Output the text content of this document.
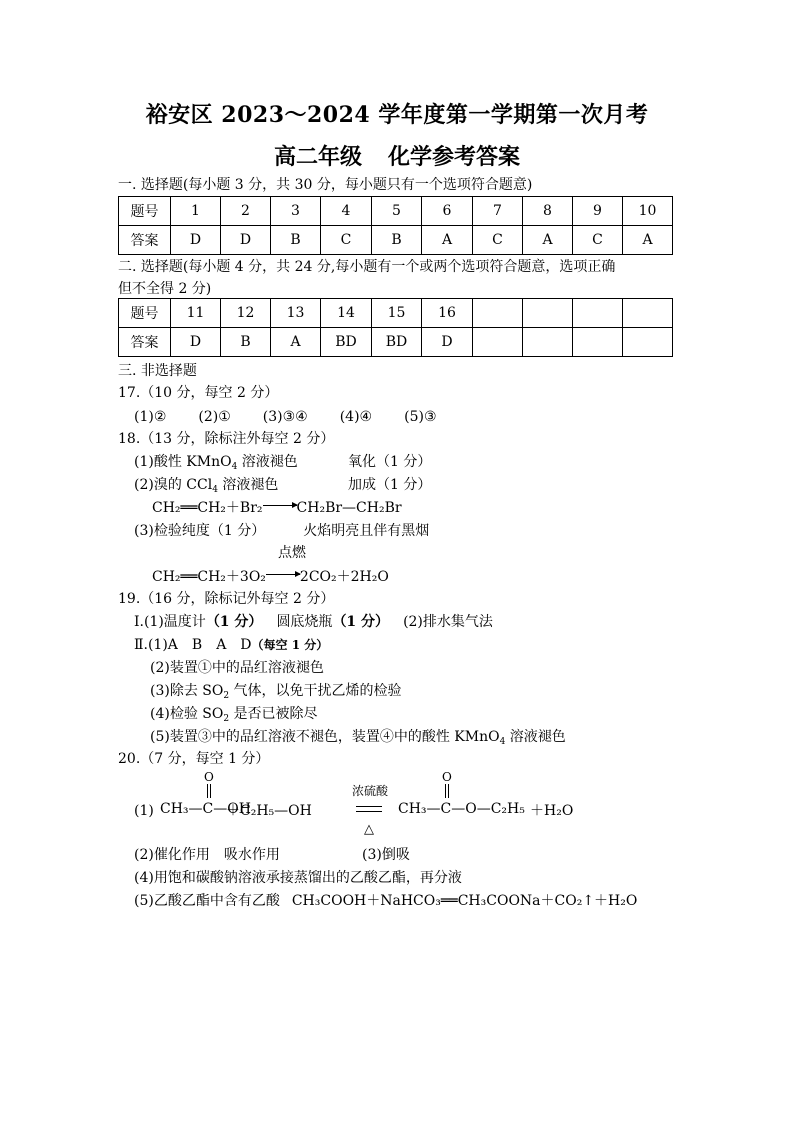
裕安区 2023～2024 学年度第一学期第一次月考
高二年级 化学参考答案
一. 选择题(每小题 3 分，共 30 分，每小题只有一个选项符合题意)
题号	1	2	3	4	5	6	7	8	9	10
答案	D	D	B	C	B	A	C	A	C	A
二. 选择题(每小题 4 分，共 24 分,每小题有一个或两个选项符合题意，选项正确
但不全得 2 分)
题号	11	12	13	14	15	16				
答案	D	B	A	BD	BD	D				
三. 非选择题
17.（10 分，每空 2 分）
(1)② (2)① (3)③④ (4)④ (5)③
18.（13 分，除标注外每空 2 分）
(1)酸性 KMnO$_4$ 溶液褪色	氧化（1 分）
(2)溴的 CCl$_4$ 溶液褪色	加成（1 分）
CH₂══CH₂＋Br₂→CH₂Br—CH₂Br
(3)检验纯度（1 分）	火焰明亮且伴有黑烟
点燃
CH₂══CH₂＋3O₂→2CO₂＋2H₂O
19.（16 分，除标记外每空 2 分）
Ⅰ.(1)温度计（1 分） 圆底烧瓶（1 分） (2)排水集气法
Ⅱ.(1)A　B　A　D（每空 1 分）
(2)装置①中的品红溶液褪色
(3)除去 $SO_2$ 气体，以免干扰乙烯的检验
(4)检验 $SO_2$ 是否已被除尽
(5)装置③中的品红溶液不褪色，装置④中的酸性 KMnO$_4$ 溶液褪色
20.（7 分，每空 1 分）
O	O
浓硫酸
(1) CH₃—C—OH
＋C₂H₅—OH	CH₃—C—O—C₂H₅ ＋H₂O
△
(2)催化作用　吸水作用	(3)倒吸
(4)用饱和碳酸钠溶液承接蒸馏出的乙酸乙酯，再分液
(5)乙酸乙酯中含有乙酸 CH₃COOH＋NaHCO₃══CH₃COONa＋CO₂↑＋H₂O
